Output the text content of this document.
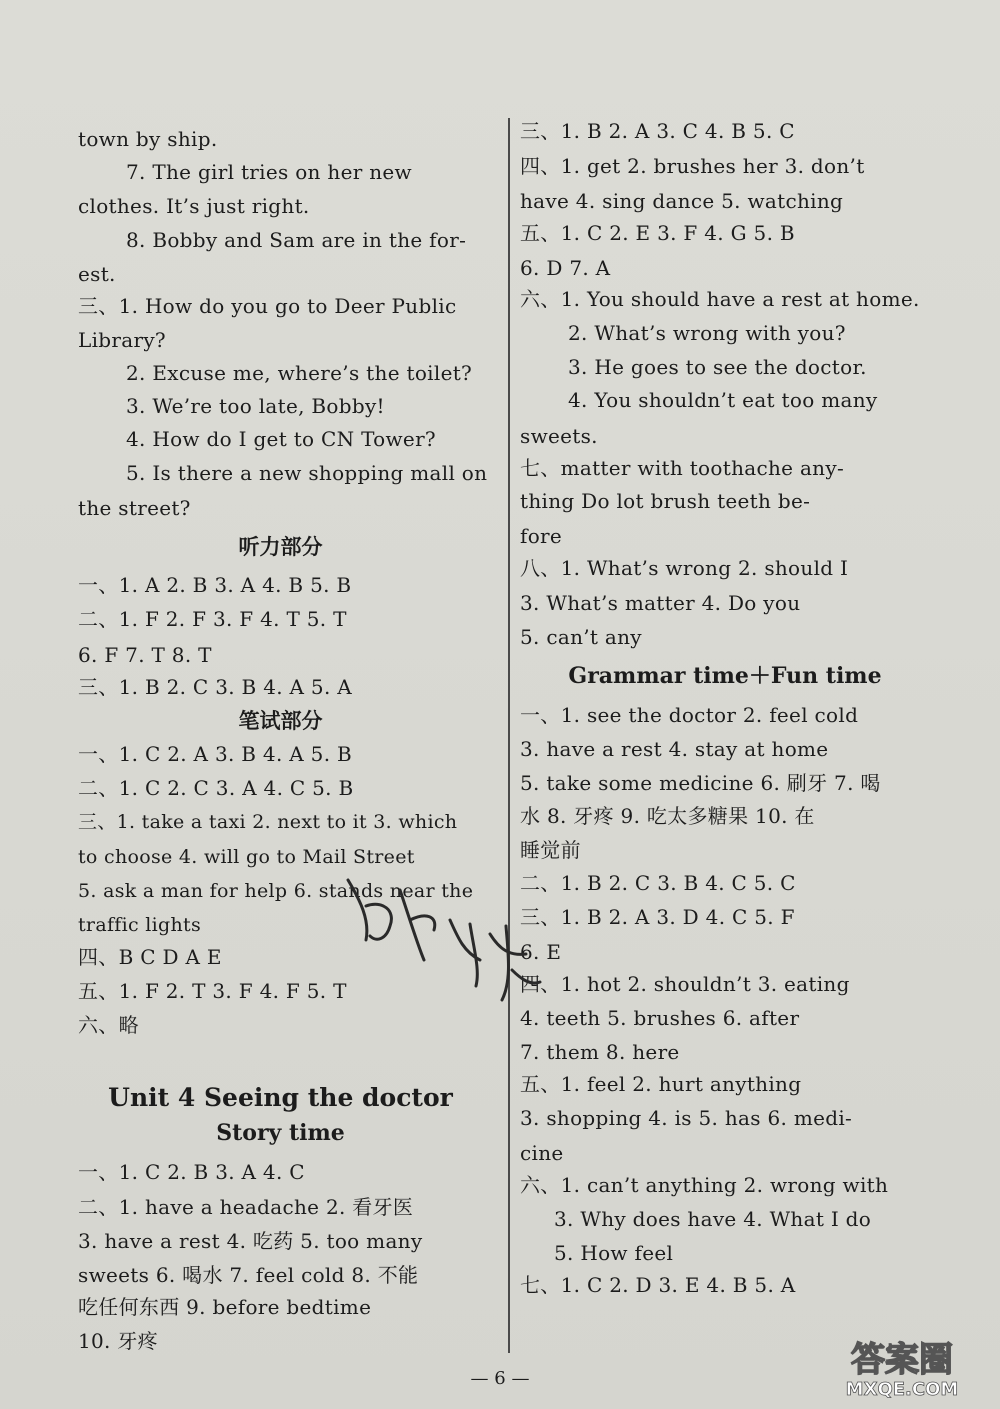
town by ship.
7. The girl tries on her new
clothes. It’s just right.
8. Bobby and Sam are in the for-
est.
三、1. How do you go to Deer Public
Library?
2. Excuse me, where’s the toilet?
3. We’re too late, Bobby!
4. How do I get to CN Tower?
5. Is there a new shopping mall on
the street?
听力部分
一、1. A 2. B 3. A 4. B 5. B
二、1. F 2. F 3. F 4. T 5. T
6. F 7. T 8. T
三、1. B 2. C 3. B 4. A 5. A
笔试部分
一、1. C 2. A 3. B 4. A 5. B
二、1. C 2. C 3. A 4. C 5. B
三、1. take a taxi 2. next to it 3. which
to choose 4. will go to Mail Street
5. ask a man for help 6. stands near the
traffic lights
四、B C D A E
五、1. F 2. T 3. F 4. F 5. T
六、略
Unit 4 Seeing the doctor
Story time
一、1. C 2. B 3. A 4. C
二、1. have a headache 2. 看牙医
3. have a rest 4. 吃药 5. too many
sweets 6. 喝水 7. feel cold 8. 不能
吃任何东西 9. before bedtime
10. 牙疼
三、1. B 2. A 3. C 4. B 5. C
四、1. get 2. brushes her 3. don’t
have 4. sing dance 5. watching
五、1. C 2. E 3. F 4. G 5. B
6. D 7. A
六、1. You should have a rest at home.
2. What’s wrong with you?
3. He goes to see the doctor.
4. You shouldn’t eat too many
sweets.
七、matter with toothache any-
thing Do lot brush teeth be-
fore
八、1. What’s wrong 2. should I
3. What’s matter 4. Do you
5. can’t any
Grammar time＋Fun time
一、1. see the doctor 2. feel cold
3. have a rest 4. stay at home
5. take some medicine 6. 刷牙 7. 喝
水 8. 牙疼 9. 吃太多糖果 10. 在
睡觉前
二、1. B 2. C 3. B 4. C 5. C
三、1. B 2. A 3. D 4. C 5. F
6. E
四、1. hot 2. shouldn’t 3. eating
4. teeth 5. brushes 6. after
7. them 8. here
五、1. feel 2. hurt anything
3. shopping 4. is 5. has 6. medi-
cine
六、1. can’t anything 2. wrong with
3. Why does have 4. What I do
5. How feel
七、1. C 2. D 3. E 4. B 5. A
— 6 —	答案圈
MXQE.COM
